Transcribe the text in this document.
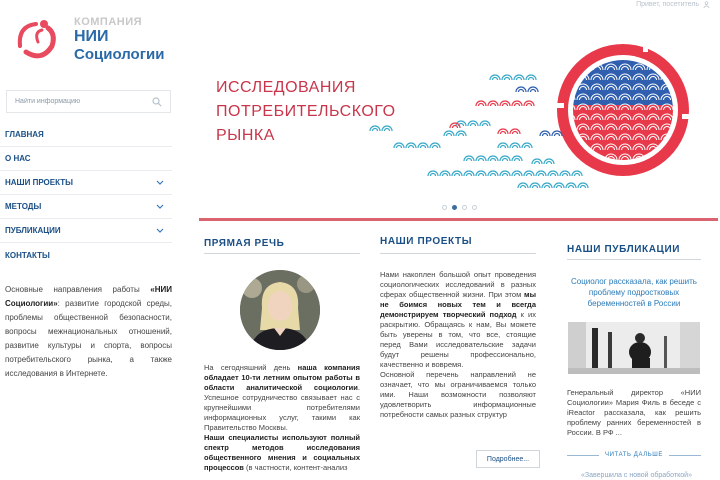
Привет, посетитель
КОМПАНИЯ
НИИ
Социологии
Найти информацию
ГЛАВНАЯ
О НАС
НАШИ ПРОЕКТЫ
МЕТОДЫ
ПУБЛИКАЦИИ
КОНТАКТЫ
Основные направления работы «НИИ Социологии»: развитие городской среды, проблемы общественной безопасности, вопросы межнациональных отношений, развитие культуры и спорта, вопросы потребительского рынка, а также исследования в Интернете.
ИССЛЕДОВАНИЯ
ПОТРЕБИТЕЛЬСКОГО
РЫНКА
ПРЯМАЯ РЕЧЬ
На сегодняшний день наша компания обладает 10-ти летним опытом работы в области аналитической социологии. Успешное сотрудничество связывает нас с крупнейшими потребителями информационных услуг, такими как Правительство Москвы.
Наши специалисты используют полный спектр методов исследования общественного мнения и социальных процессов (в частности, контент-анализ
НАШИ ПРОЕКТЫ
Нами накоплен большой опыт проведения социологических исследований в разных сферах общественной жизни. При этом мы не боимся новых тем и всегда демонстрируем творческий подход к их раскрытию. Обращаясь к нам, Вы можете быть уверены в том, что все, стоящие перед Вами исследовательские задачи будут решены профессионально, качественно и вовремя.
Основной перечень направлений не означает, что мы ограничиваемся только ими. Наши возможности позволяют удовлетворить информационные потребности самых разных структур
Подробнее...
НАШИ ПУБЛИКАЦИИ
Социолог рассказала, как решить проблему подростковых беременностей в России
Генеральный директор «НИИ Социологии» Мария Филь в беседе с iReactor рассказала, как решить проблему ранних беременностей в России. В РФ ...
ЧИТАТЬ ДАЛЬШЕ
«Завершила с новой обработкой»
